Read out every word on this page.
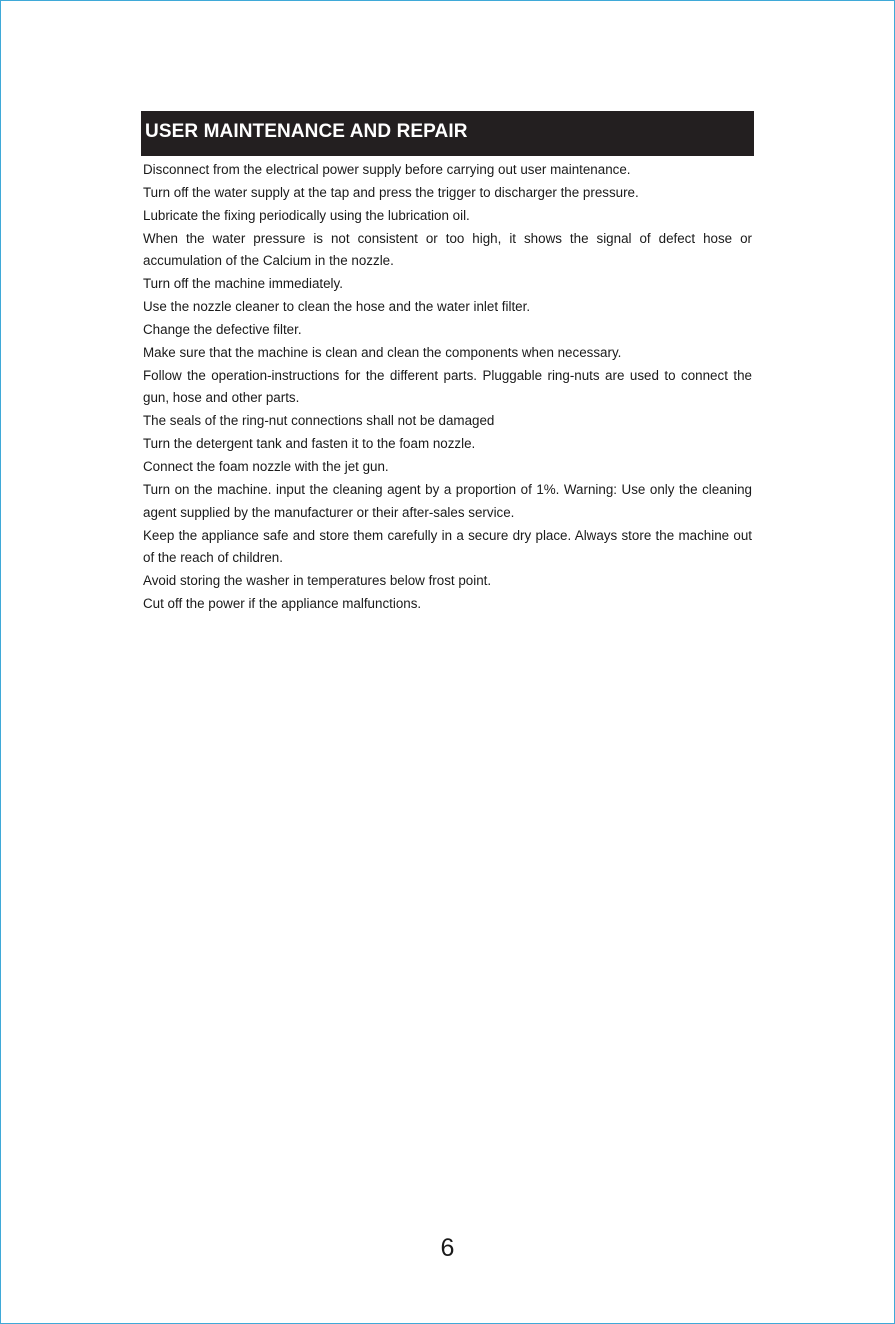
USER MAINTENANCE AND REPAIR

Disconnect from the electrical power supply before carrying out user maintenance.

Turn off the water supply at the tap and press the trigger to discharger the pressure.

Lubricate the fixing periodically using the lubrication oil.

When the water pressure is not consistent or too high, it shows the signal of defect hose or accumulation of the Calcium in the nozzle.

Turn off the machine immediately.

Use the nozzle cleaner to clean the hose and the water inlet filter.

Change the defective filter.

Make sure that the machine is clean and clean the components when necessary.

Follow the operation-instructions for the different parts. Pluggable ring-nuts are used to connect the gun, hose and other parts.

The seals of the ring-nut connections shall not be damaged

Turn the detergent tank and fasten it to the foam nozzle.

Connect the foam nozzle with the jet gun.

Turn on the machine. input the cleaning agent by a proportion of 1%. Warning: Use only the cleaning agent supplied by the manufacturer or their after-sales service.

Keep the appliance safe and store them carefully in a secure dry place. Always store the machine out of the reach of children.

Avoid storing the washer in temperatures below frost point.

Cut off the power if the appliance malfunctions.

6
